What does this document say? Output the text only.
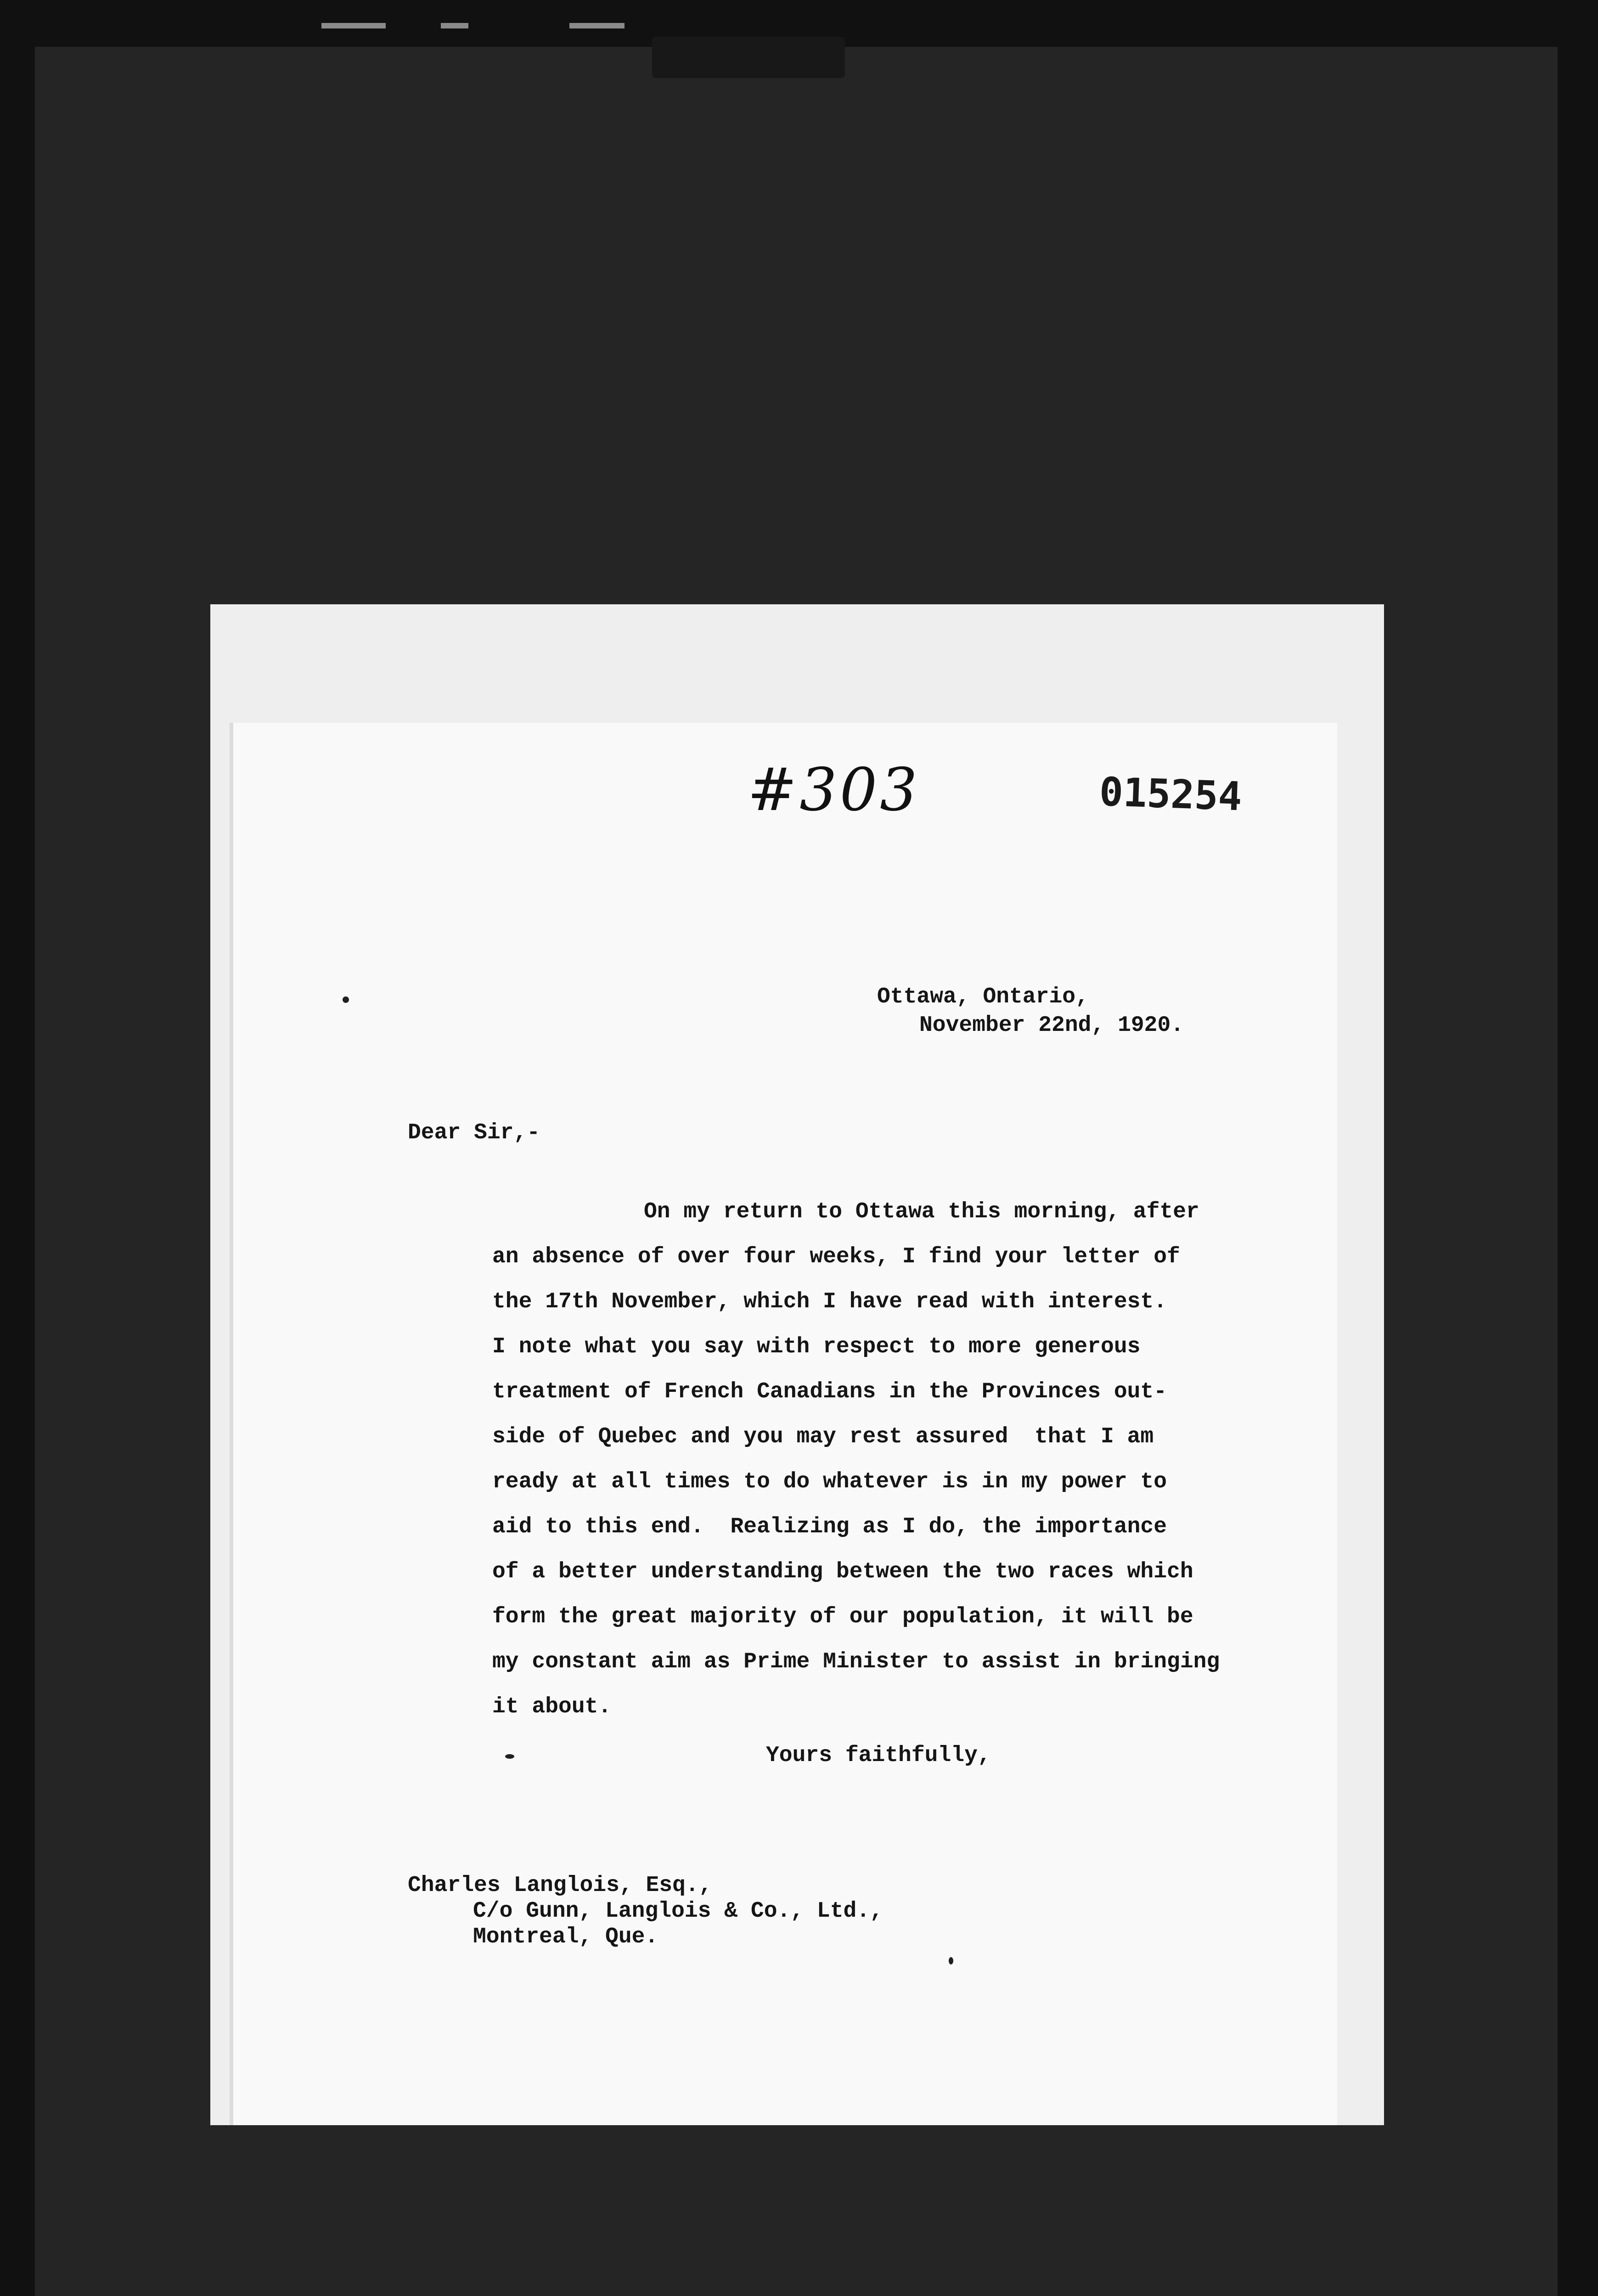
#303	015254
Ottawa, Ontario,
November 22nd, 1920.
Dear Sir,-
On my return to Ottawa this morning, after
an absence of over four weeks, I find your letter of
the 17th November, which I have read with interest.
I note what you say with respect to more generous
treatment of French Canadians in the Provinces out-
side of Quebec and you may rest assured  that I am
ready at all times to do whatever is in my power to
aid to this end.  Realizing as I do, the importance
of a better understanding between the two races which
form the great majority of our population, it will be
my constant aim as Prime Minister to assist in bringing
it about.
Yours faithfully,
Charles Langlois, Esq.,
C/o Gunn, Langlois & Co., Ltd.,
Montreal, Que.
